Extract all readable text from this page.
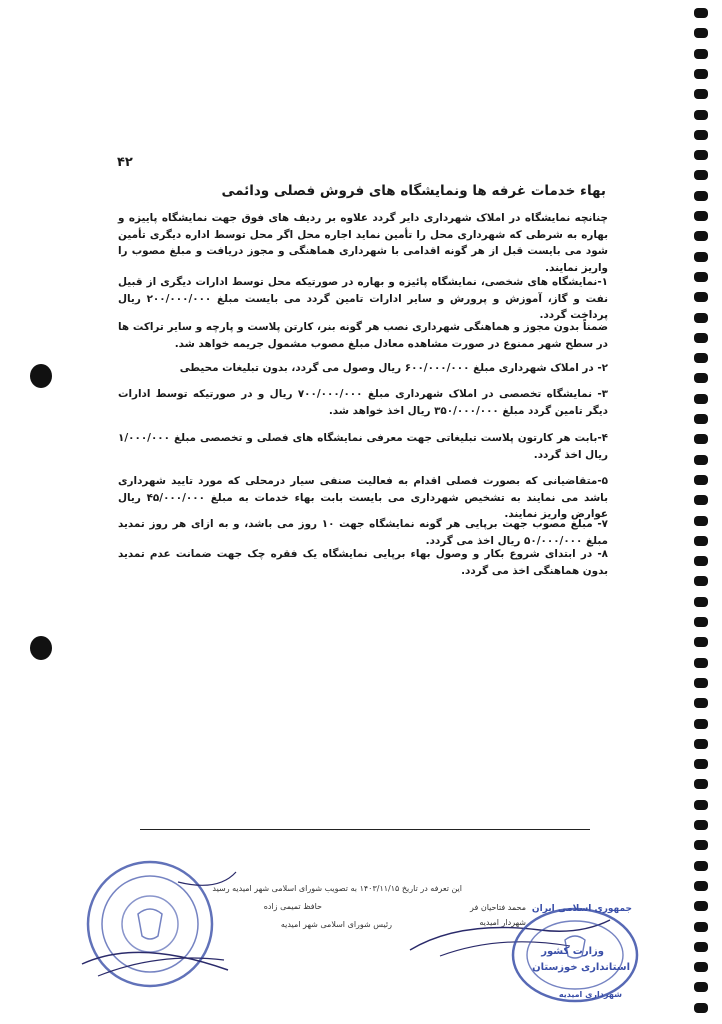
۴۲
بهاء خدمات غرفه ها ونمایشگاه های فروش فصلی ودائمی

چنانچه نمایشگاه در املاک شهرداری دایر گردد علاوه بر ردیف های فوق جهت نمایشگاه پاییزه و بهاره به شرطی که شهرداری محل را تأمین نماید اجاره محل اگر محل توسط اداره دیگری تأمین شود می بایست قبل از هر گونه اقدامی با شهرداری هماهنگی و مجوز دریافت و مبلغ مصوب را واریز نمایند.

۱-نمایشگاه های شخصی، نمایشگاه پائیزه و بهاره در صورتیکه محل توسط ادارات دیگری از قبیل نفت و گاز، آموزش و پرورش و سایر ادارات تامین گردد می بایست مبلغ ۲۰۰/۰۰۰/۰۰۰ ریال پرداخت گردد.

ضمناً بدون مجوز و هماهنگی شهرداری نصب هر گونه بنر، کارتن پلاست و پارچه و سایر تراکت ها در سطح شهر ممنوع در صورت مشاهده معادل مبلغ مصوب مشمول جریمه خواهد شد.

۲- در املاک شهرداری مبلغ ۶۰۰/۰۰۰/۰۰۰ ریال وصول می گردد، بدون تبلیغات محیطی

۳- نمایشگاه تخصصی در املاک شهرداری مبلغ ۷۰۰/۰۰۰/۰۰۰ ریال و در صورتیکه توسط ادارات دیگر تامین گردد مبلغ ۳۵۰/۰۰۰/۰۰۰ ریال اخذ خواهد شد.

۴-بابت هر کارتون پلاست تبلیغاتی جهت معرفی نمایشگاه های فصلی و تخصصی مبلغ ۱/۰۰۰/۰۰۰ ریال اخذ گردد.

۵-متقاضیانی که بصورت فصلی اقدام به فعالیت صنفی سیار درمحلی که مورد تایید شهرداری باشد می نمایند به تشخیص شهرداری می بایست بابت بهاء خدمات به مبلغ ۴۵/۰۰۰/۰۰۰ ریال عوارض واریز نمایند.

۷- مبلغ مصوب جهت برپایی هر گونه نمایشگاه جهت ۱۰ روز می باشد، و به ازای هر روز تمدید مبلغ ۵۰/۰۰۰/۰۰۰ ریال اخذ می گردد.

۸- در ابتدای شروع بکار و وصول بهاء برپایی نمایشگاه یک فقره چک جهت ضمانت عدم تمدید بدون هماهنگی اخذ می گردد.

این تعرفه در تاریخ ۱۴۰۳/۱۱/۱۵ به تصویب شورای اسلامی شهر امیدیه رسید
حافظ تمیمی زاده
رئیس شورای اسلامی شهر امیدیه
محمد فتاحیان فر
شهردار امیدیه
جمهوری اسلامی ایران
وزارت کشور
استانداری خوزستان
شهرداری امیدیه
